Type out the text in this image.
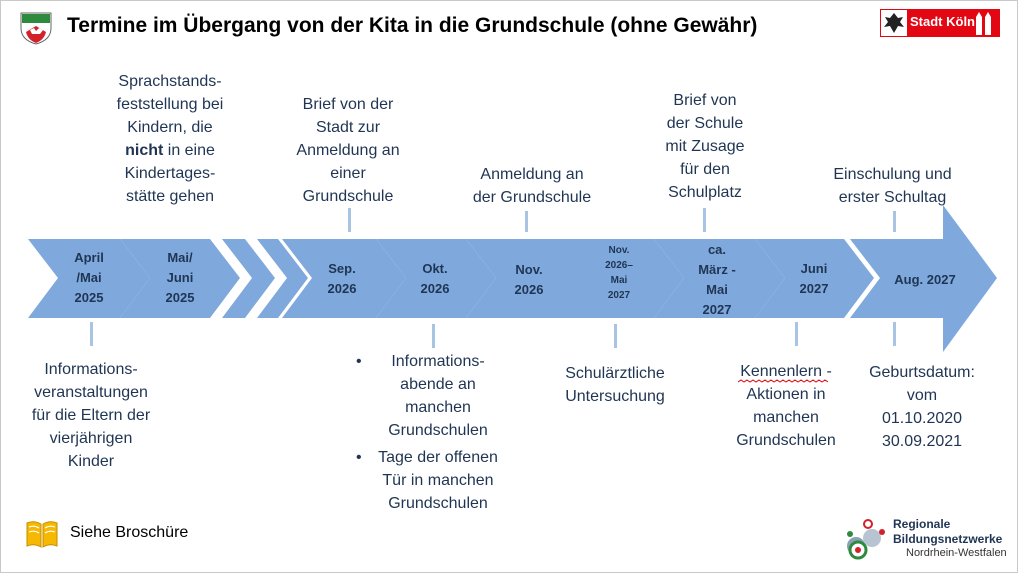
Termine im Übergang von der Kita in die Grundschule (ohne Gewähr)	Stadt Köln
Sprachstands-
feststellung bei
Kindern, die
nicht in eine
Kindertages-
stätte gehen
Brief von der
Stadt zur
Anmeldung an
einer
Grundschule
Anmeldung an
der Grundschule
Brief von
der Schule
mit Zusage
für den
Schulplatz
Einschulung und
erster Schultag
April
/Mai
2025
Mai/
Juni
2025
Sep.
2026
Okt.
2026
Nov.
2026
Nov.
2026–
Mai
2027
ca.
März -
Mai
2027
Juni
2027
Aug. 2027
Informations-
veranstaltungen
für die Eltern der
vierjährigen
Kinder
• Informations-
abende an
manchen
Grundschulen
• Tage der offenen
Tür in manchen
Grundschulen
Schulärztliche
Untersuchung
Kennenlern -
Aktionen in
manchen
Grundschulen
Geburtsdatum:
vom
01.10.2020
30.09.2021
Siehe Broschüre	Regionale
Bildungsnetzwerke
Nordrhein-Westfalen
